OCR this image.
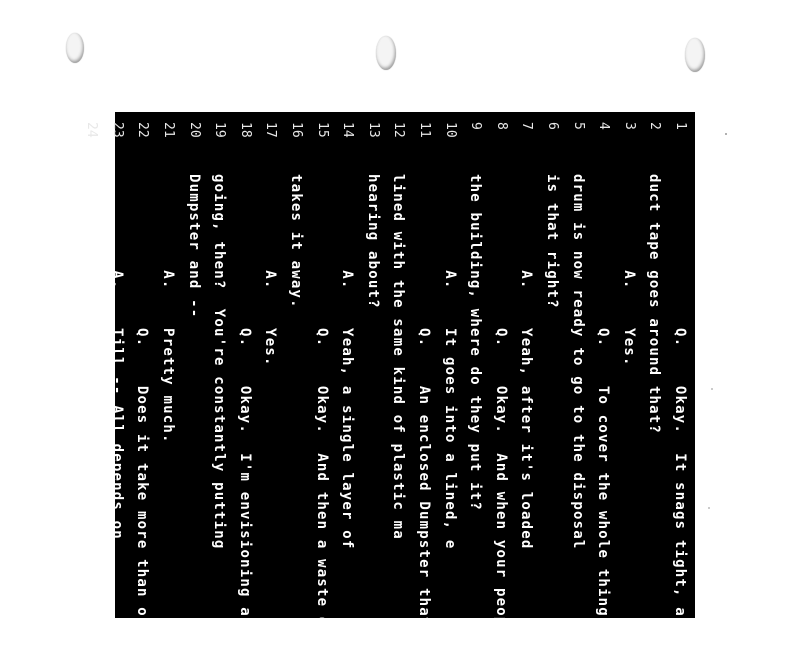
1
Q.    Okay.  It snags tight, and
2
duct tape goes around that?
3
A.    Yes.
4
Q.    To cover the whole thing that
5
drum is now ready to go to the disposal
6
is that right?
7
A.    Yeah, after it's loaded
8
Q.    Okay.  And when your people
9
the building, where do they put it?
10
A.    It goes into a lined, e
11
Q.    An enclosed Dumpster that
12
lined with the same kind of plastic ma
13
hearing about?
14
A.    Yeah, a single layer of
15
Q.    Okay.  And then a waste d
16
takes it away.
17
A.    Yes.
18
Q.    Okay.  I'm envisioning a r
19
going, then?  You're constantly putting
20
Dumpster and --
21
A.    Pretty much.
22
Q.    Does it take more than one
23
A.    Till -- All depends on
24
Q.    Do you recall on this job
